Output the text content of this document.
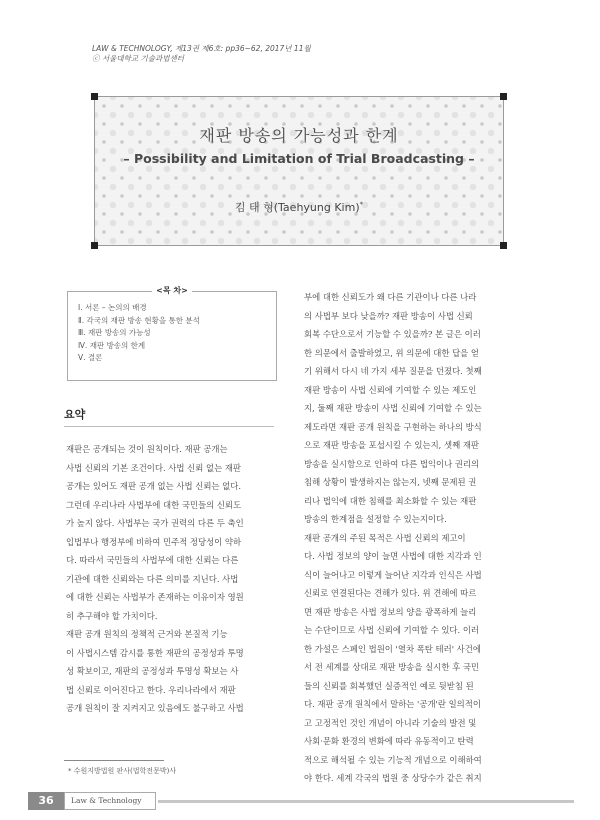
LAW & TECHNOLOGY, 제13권 제6호: pp36~62, 2017년 11월
ⓒ 서울대학교 기술과법센터
재판 방송의 가능성과 한계
– Possibility and Limitation of Trial Broadcasting –
김 태 형(Taehyung Kim)*
<목 차>
Ⅰ. 서론 – 논의의 배경
Ⅱ. 각국의 재판 방송 현황을 통한 분석
Ⅲ. 재판 방송의 가능성
Ⅳ. 재판 방송의 한계
Ⅴ. 결론
요약
재판은 공개되는 것이 원칙이다. 재판 공개는
사법 신뢰의 기본 조건이다. 사법 신뢰 없는 재판
공개는 있어도 재판 공개 없는 사법 신뢰는 없다.
그런데 우리나라 사법부에 대한 국민들의 신뢰도
가 높지 않다. 사법부는 국가 권력의 다른 두 축인
입법부나 행정부에 비하여 민주적 정당성이 약하
다. 따라서 국민들의 사법부에 대한 신뢰는 다른
기관에 대한 신뢰와는 다른 의미를 지닌다. 사법
에 대한 신뢰는 사법부가 존재하는 이유이자 영원
히 추구해야 할 가치이다.
재판 공개 원칙의 정책적 근거와 본질적 기능
이 사법시스템 감시를 통한 재판의 공정성과 투명
성 확보이고, 재판의 공정성과 투명성 확보는 사
법 신뢰로 이어진다고 한다. 우리나라에서 재판
공개 원칙이 잘 지켜지고 있음에도 불구하고 사법
부에 대한 신뢰도가 왜 다른 기관이나 다른 나라
의 사법부 보다 낮을까? 재판 방송이 사법 신뢰
회복 수단으로서 기능할 수 있을까? 본 글은 이러
한 의문에서 출발하였고, 위 의문에 대한 답을 얻
기 위해서 다시 네 가지 세부 질문을 던졌다. 첫째
재판 방송이 사법 신뢰에 기여할 수 있는 제도인
지, 둘째 재판 방송이 사법 신뢰에 기여할 수 있는
제도라면 재판 공개 원칙을 구현하는 하나의 방식
으로 재판 방송을 포섭시킬 수 있는지, 셋째 재판
방송을 실시함으로 인하여 다른 법익이나 권리의
침해 상황이 발생하지는 않는지, 넷째 문제된 권
리나 법익에 대한 침해를 최소화할 수 있는 재판
방송의 한계점을 설정할 수 있는지이다.
재판 공개의 주된 목적은 사법 신뢰의 제고이
다. 사법 정보의 양이 늘면 사법에 대한 지각과 인
식이 늘어나고 이렇게 늘어난 지각과 인식은 사법
신뢰로 연결된다는 견해가 있다. 위 견해에 따르
면 재판 방송은 사법 정보의 양을 광폭하게 늘리
는 수단이므로 사법 신뢰에 기여할 수 있다. 이러
한 가설은 스페인 법원이 '열차 폭탄 테러' 사건에
서 전 세계를 상대로 재판 방송을 실시한 후 국민
들의 신뢰를 회복했던 실증적인 예로 뒷받침 된
다. 재판 공개 원칙에서 말하는 '공개'란 일의적이
고 고정적인 것인 개념이 아니라 기술의 발전 및
사회·문화 환경의 변화에 따라 유동적이고 탄력
적으로 해석될 수 있는 기능적 개념으로 이해하여
야 한다. 세계 각국의 법원 중 상당수가 같은 취지
* 수원지방법원 판사(법학전문박)사
36	Law & Technology
